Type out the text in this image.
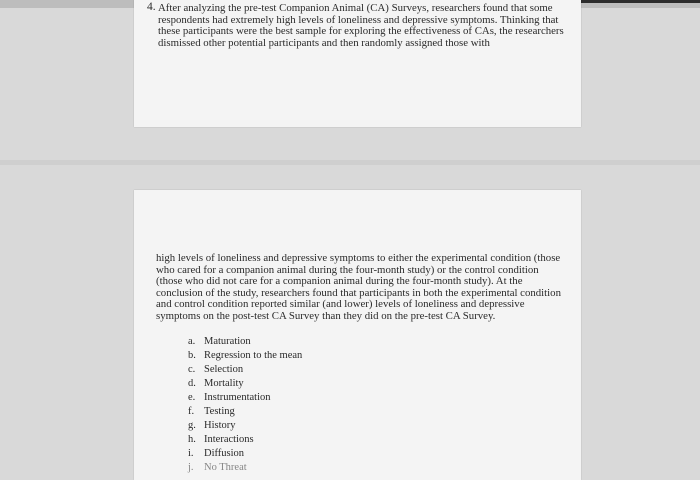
4. After analyzing the pre-test Companion Animal (CA) Surveys, researchers found that some respondents had extremely high levels of loneliness and depressive symptoms. Thinking that these participants were the best sample for exploring the effectiveness of CAs, the researchers dismissed other potential participants and then randomly assigned those with

high levels of loneliness and depressive symptoms to either the experimental condition (those who cared for a companion animal during the four-month study) or the control condition (those who did not care for a companion animal during the four-month study). At the conclusion of the study, researchers found that participants in both the experimental condition and control condition reported similar (and lower) levels of loneliness and depressive symptoms on the post-test CA Survey than they did on the pre-test CA Survey.

a. Maturation
b. Regression to the mean
c. Selection
d. Mortality
e. Instrumentation
f. Testing
g. History
h. Interactions
i. Diffusion
j. No Threat
